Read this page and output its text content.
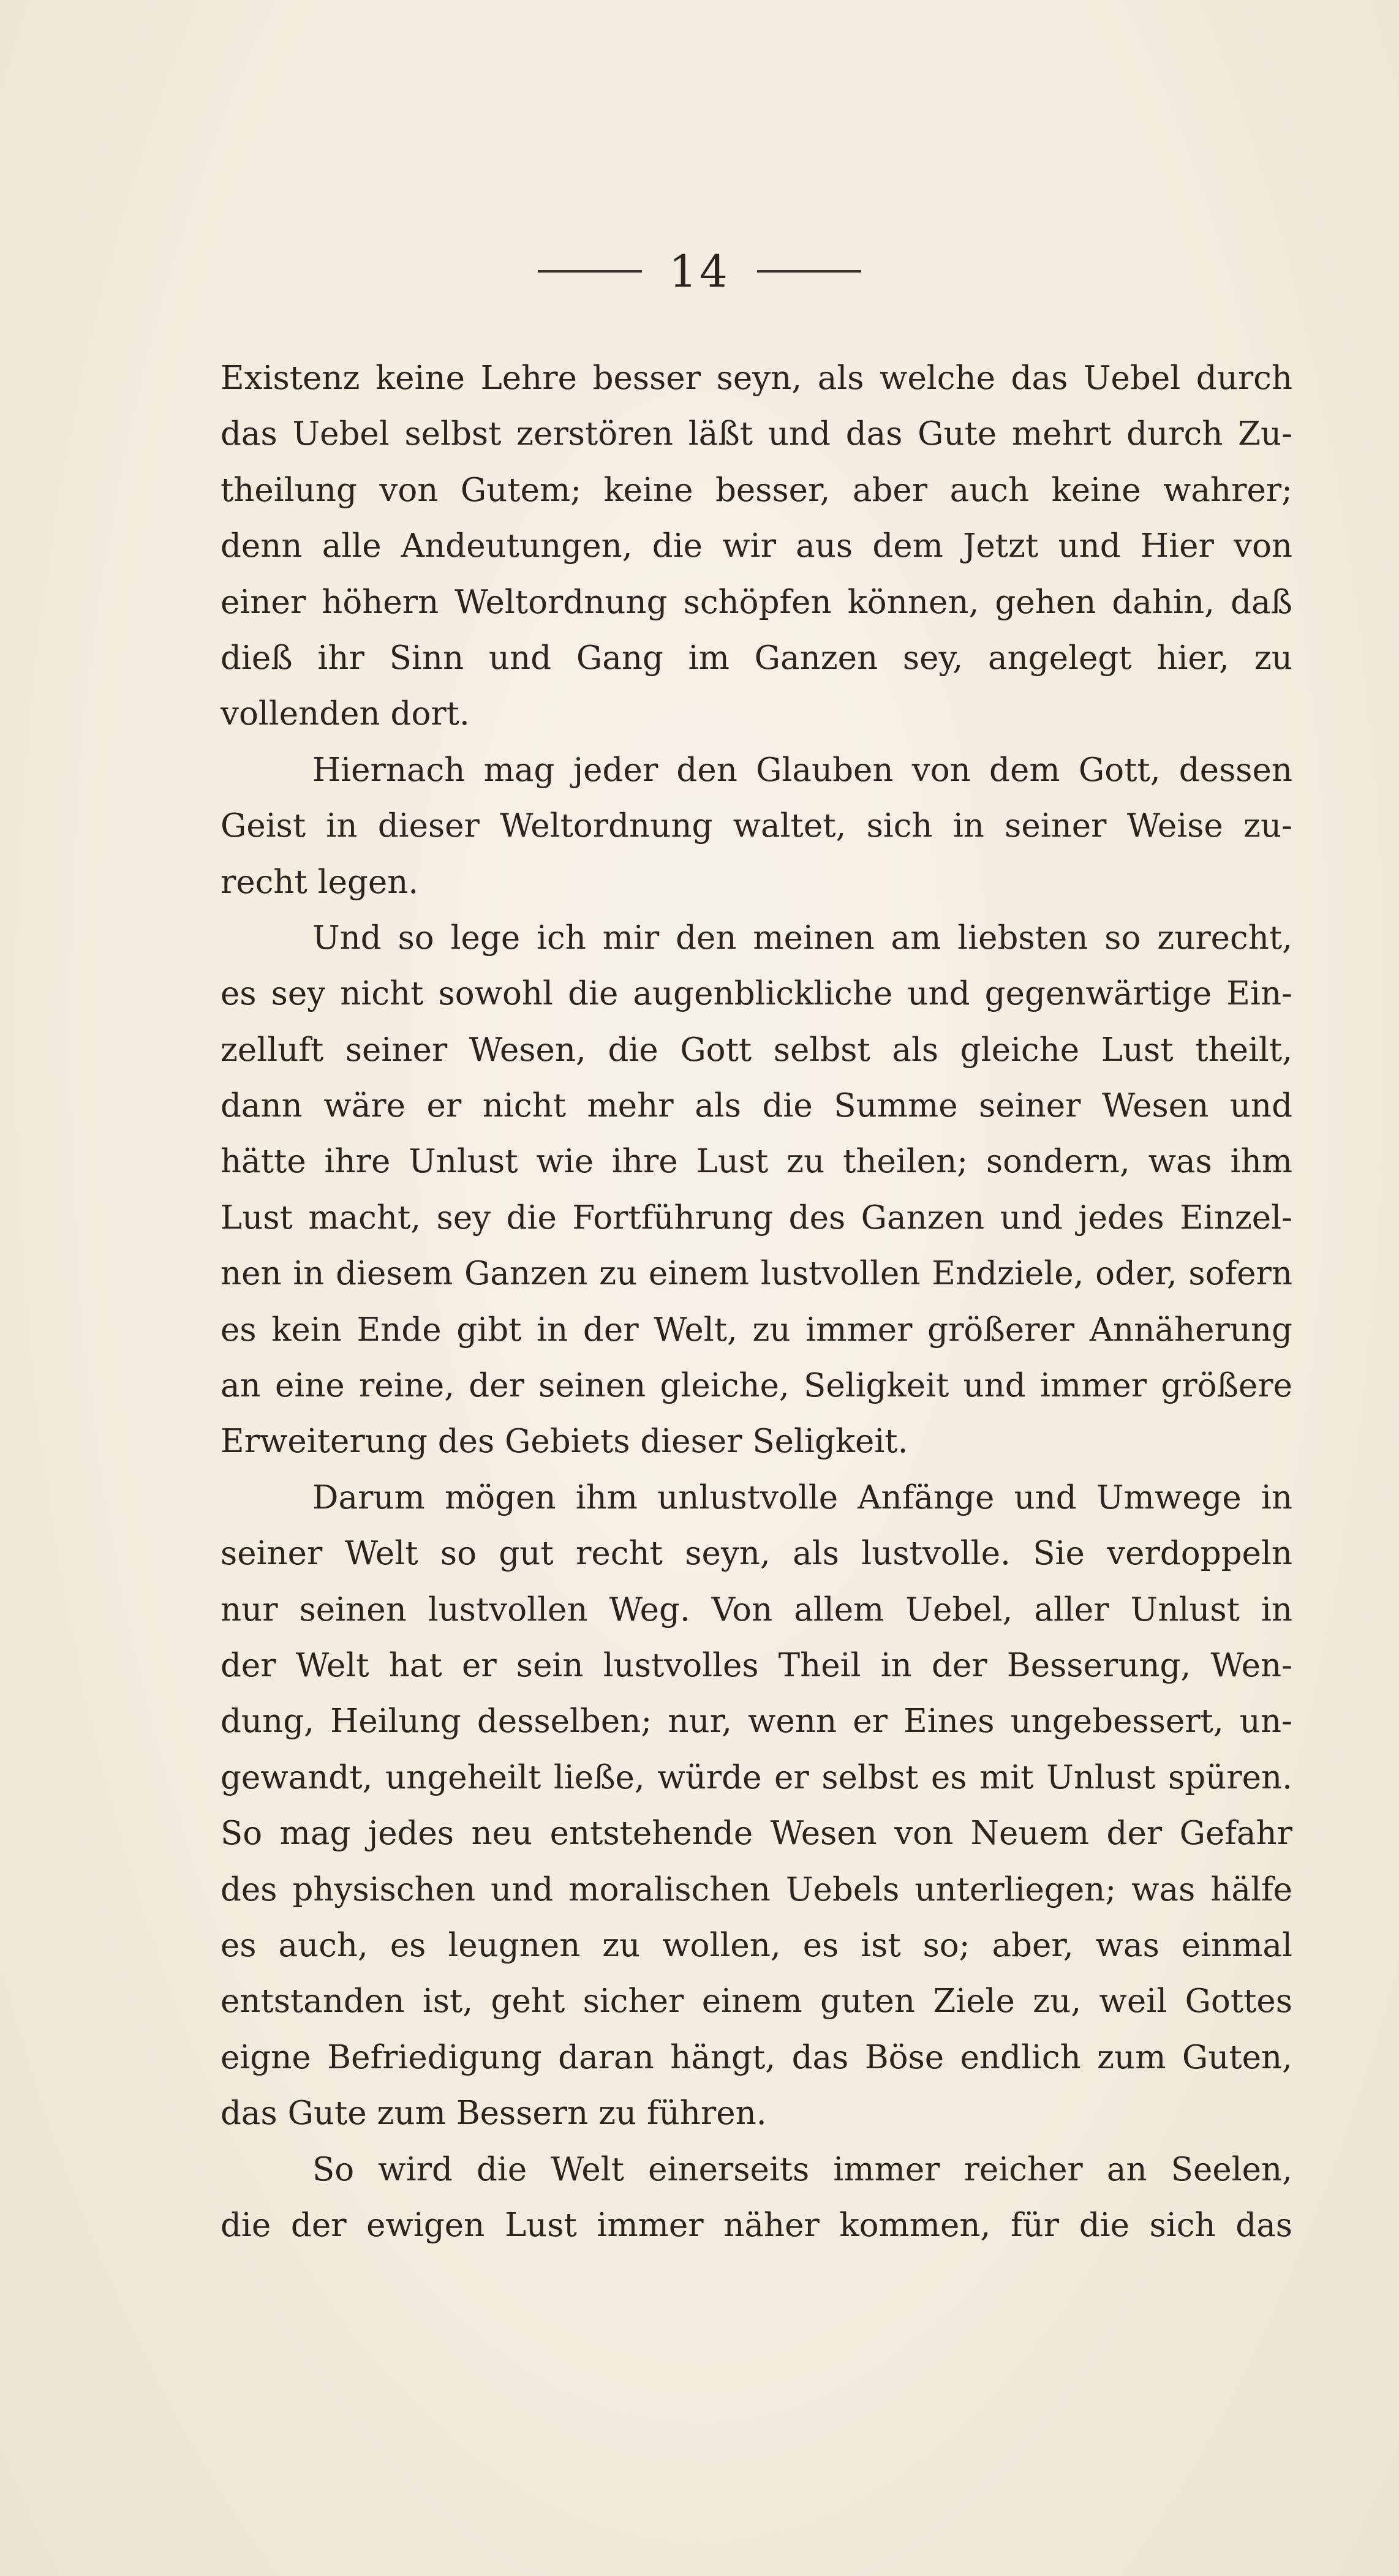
14
Existenz keine Lehre besser seyn, als welche das Uebel durch
das Uebel selbst zerstören läßt und das Gute mehrt durch Zu-
theilung von Gutem; keine besser, aber auch keine wahrer;
denn alle Andeutungen, die wir aus dem Jetzt und Hier von
einer höhern Weltordnung schöpfen können, gehen dahin, daß
dieß ihr Sinn und Gang im Ganzen sey, angelegt hier, zu
vollenden dort.
Hiernach mag jeder den Glauben von dem Gott, dessen
Geist in dieser Weltordnung waltet, sich in seiner Weise zu-
recht legen.
Und so lege ich mir den meinen am liebsten so zurecht,
es sey nicht sowohl die augenblickliche und gegenwärtige Ein-
zelluft seiner Wesen, die Gott selbst als gleiche Lust theilt,
dann wäre er nicht mehr als die Summe seiner Wesen und
hätte ihre Unlust wie ihre Lust zu theilen; sondern, was ihm
Lust macht, sey die Fortführung des Ganzen und jedes Einzel-
nen in diesem Ganzen zu einem lustvollen Endziele, oder, sofern
es kein Ende gibt in der Welt, zu immer größerer Annäherung
an eine reine, der seinen gleiche, Seligkeit und immer größere
Erweiterung des Gebiets dieser Seligkeit.
Darum mögen ihm unlustvolle Anfänge und Umwege in
seiner Welt so gut recht seyn, als lustvolle. Sie verdoppeln
nur seinen lustvollen Weg. Von allem Uebel, aller Unlust in
der Welt hat er sein lustvolles Theil in der Besserung, Wen-
dung, Heilung desselben; nur, wenn er Eines ungebessert, un-
gewandt, ungeheilt ließe, würde er selbst es mit Unlust spüren.
So mag jedes neu entstehende Wesen von Neuem der Gefahr
des physischen und moralischen Uebels unterliegen; was hälfe
es auch, es leugnen zu wollen, es ist so; aber, was einmal
entstanden ist, geht sicher einem guten Ziele zu, weil Gottes
eigne Befriedigung daran hängt, das Böse endlich zum Guten,
das Gute zum Bessern zu führen.
So wird die Welt einerseits immer reicher an Seelen,
die der ewigen Lust immer näher kommen, für die sich das
